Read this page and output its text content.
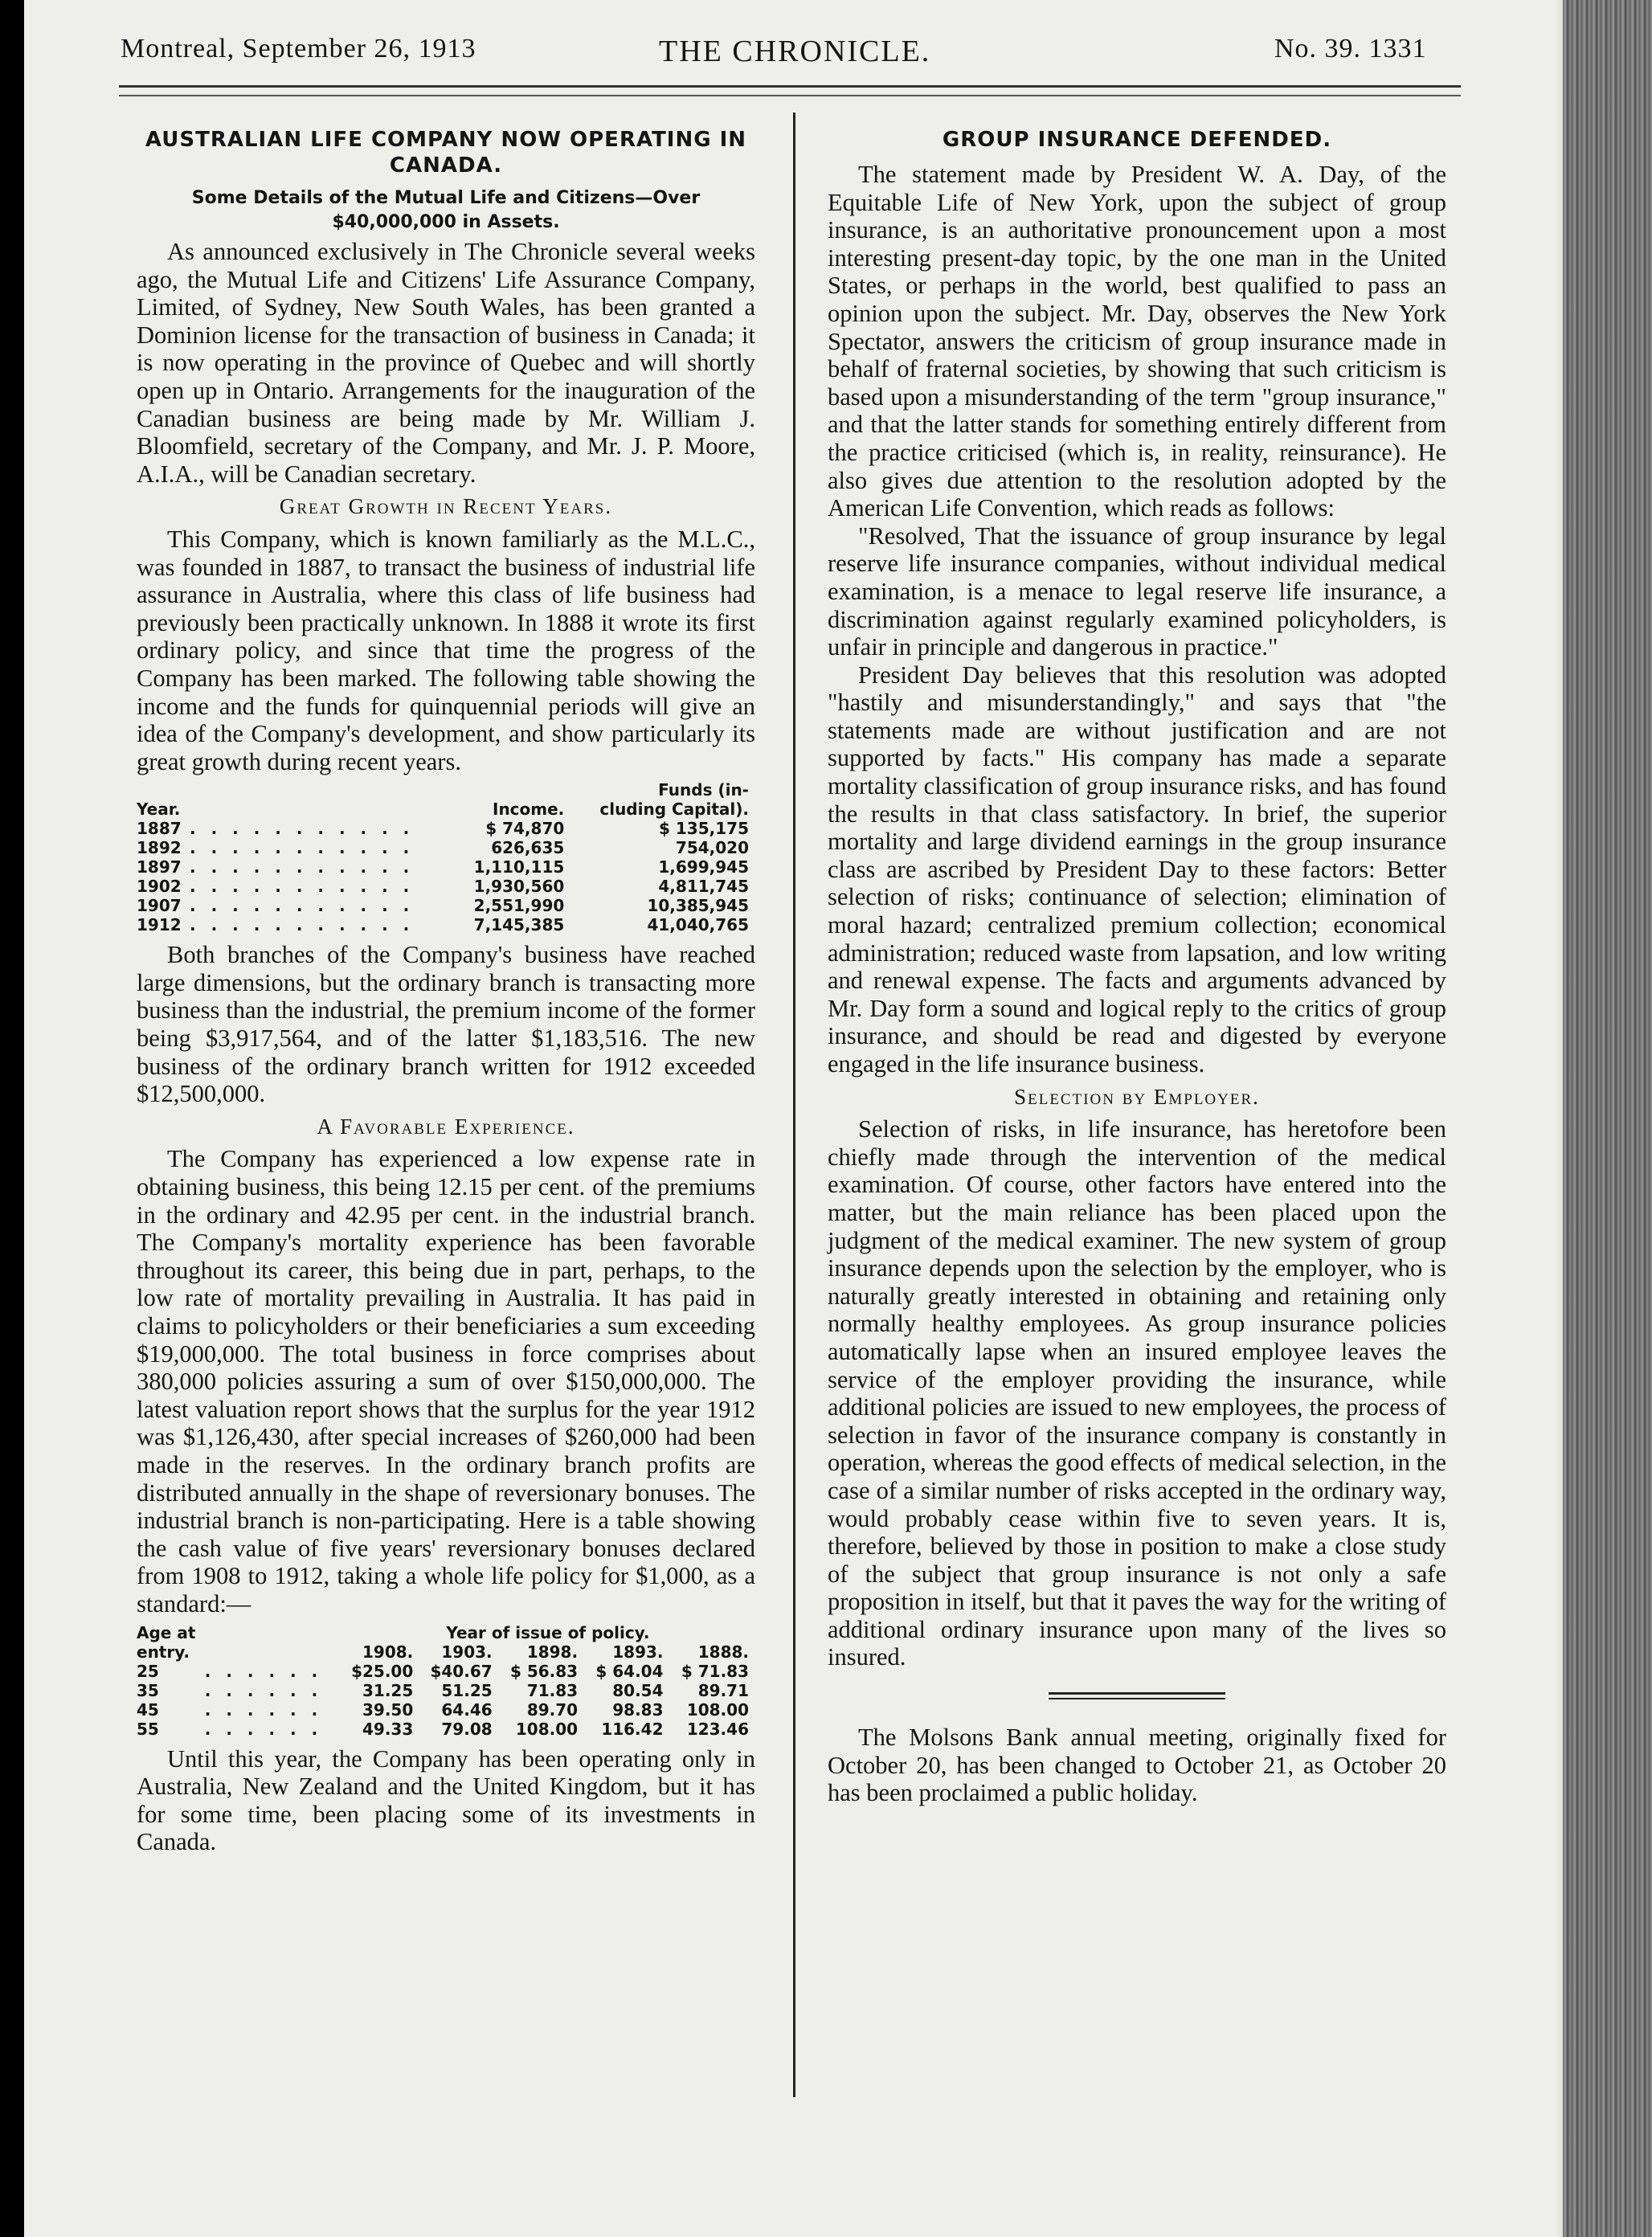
Montreal, September 26, 1913	THE CHRONICLE.	No. 39. 1331
AUSTRALIAN LIFE COMPANY NOW OPERATING IN CANADA.
Some Details of the Mutual Life and Citizens—Over $40,000,000 in Assets.

As announced exclusively in The Chronicle several weeks ago, the Mutual Life and Citizens' Life Assurance Company, Limited, of Sydney, New South Wales, has been granted a Dominion license for the transaction of business in Canada; it is now operating in the province of Quebec and will shortly open up in Ontario. Arrangements for the inauguration of the Canadian business are being made by Mr. William J. Bloomfield, secretary of the Company, and Mr. J. P. Moore, A.I.A., will be Canadian secretary.

Great Growth in Recent Years.

This Company, which is known familiarly as the M.L.C., was founded in 1887, to transact the business of industrial life assurance in Australia, where this class of life business had previously been practically unknown. In 1888 it wrote its first ordinary policy, and since that time the progress of the Company has been marked. The following table showing the income and the funds for quinquennial periods will give an idea of the Company's development, and show particularly its great growth during recent years.

			Funds (in-
Year.		Income.	cluding Capital).
1887	. . . . . . . . . . .	$ 74,870	$ 135,175
1892	. . . . . . . . . . .	626,635	754,020
1897	. . . . . . . . . . .	1,110,115	1,699,945
1902	. . . . . . . . . . .	1,930,560	4,811,745
1907	. . . . . . . . . . .	2,551,990	10,385,945
1912	. . . . . . . . . . .	7,145,385	41,040,765

Both branches of the Company's business have reached large dimensions, but the ordinary branch is transacting more business than the industrial, the premium income of the former being $3,917,564, and of the latter $1,183,516. The new business of the ordinary branch written for 1912 exceeded $12,500,000.

A Favorable Experience.

The Company has experienced a low expense rate in obtaining business, this being 12.15 per cent. of the premiums in the ordinary and 42.95 per cent. in the industrial branch. The Company's mortality experience has been favorable throughout its career, this being due in part, perhaps, to the low rate of mortality prevailing in Australia. It has paid in claims to policyholders or their beneficiaries a sum exceeding $19,000,000. The total business in force comprises about 380,000 policies assuring a sum of over $150,000,000. The latest valuation report shows that the surplus for the year 1912 was $1,126,430, after special increases of $260,000 had been made in the reserves. In the ordinary branch profits are distributed annually in the shape of reversionary bonuses. The industrial branch is non-participating. Here is a table showing the cash value of five years' reversionary bonuses declared from 1908 to 1912, taking a whole life policy for $1,000, as a standard:—

Age at		Year of issue of policy.				
entry.		1908.	1903.	1898.	1893.	1888.
25	. . . . . .	$25.00	$40.67	$ 56.83	$ 64.04	$ 71.83
35	. . . . . .	31.25	51.25	71.83	80.54	89.71
45	. . . . . .	39.50	64.46	89.70	98.83	108.00
55	. . . . . .	49.33	79.08	108.00	116.42	123.46

Until this year, the Company has been operating only in Australia, New Zealand and the United Kingdom, but it has for some time, been placing some of its investments in Canada.

GROUP INSURANCE DEFENDED.

The statement made by President W. A. Day, of the Equitable Life of New York, upon the subject of group insurance, is an authoritative pronouncement upon a most interesting present-day topic, by the one man in the United States, or perhaps in the world, best qualified to pass an opinion upon the subject. Mr. Day, observes the New York Spectator, answers the criticism of group insurance made in behalf of fraternal societies, by showing that such criticism is based upon a misunderstanding of the term "group insurance," and that the latter stands for something entirely different from the practice criticised (which is, in reality, reinsurance). He also gives due attention to the resolution adopted by the American Life Convention, which reads as follows:

"Resolved, That the issuance of group insurance by legal reserve life insurance companies, without individual medical examination, is a menace to legal reserve life insurance, a discrimination against regularly examined policyholders, is unfair in principle and dangerous in practice."

President Day believes that this resolution was adopted "hastily and misunderstandingly," and says that "the statements made are without justification and are not supported by facts." His company has made a separate mortality classification of group insurance risks, and has found the results in that class satisfactory. In brief, the superior mortality and large dividend earnings in the group insurance class are ascribed by President Day to these factors: Better selection of risks; continuance of selection; elimination of moral hazard; centralized premium collection; economical administration; reduced waste from lapsation, and low writing and renewal expense. The facts and arguments advanced by Mr. Day form a sound and logical reply to the critics of group insurance, and should be read and digested by everyone engaged in the life insurance business.

Selection by Employer.

Selection of risks, in life insurance, has heretofore been chiefly made through the intervention of the medical examination. Of course, other factors have entered into the matter, but the main reliance has been placed upon the judgment of the medical examiner. The new system of group insurance depends upon the selection by the employer, who is naturally greatly interested in obtaining and retaining only normally healthy employees. As group insurance policies automatically lapse when an insured employee leaves the service of the employer providing the insurance, while additional policies are issued to new employees, the process of selection in favor of the insurance company is constantly in operation, whereas the good effects of medical selection, in the case of a similar number of risks accepted in the ordinary way, would probably cease within five to seven years. It is, therefore, believed by those in position to make a close study of the subject that group insurance is not only a safe proposition in itself, but that it paves the way for the writing of additional ordinary insurance upon many of the lives so insured.

The Molsons Bank annual meeting, originally fixed for October 20, has been changed to October 21, as October 20 has been proclaimed a public holiday.
